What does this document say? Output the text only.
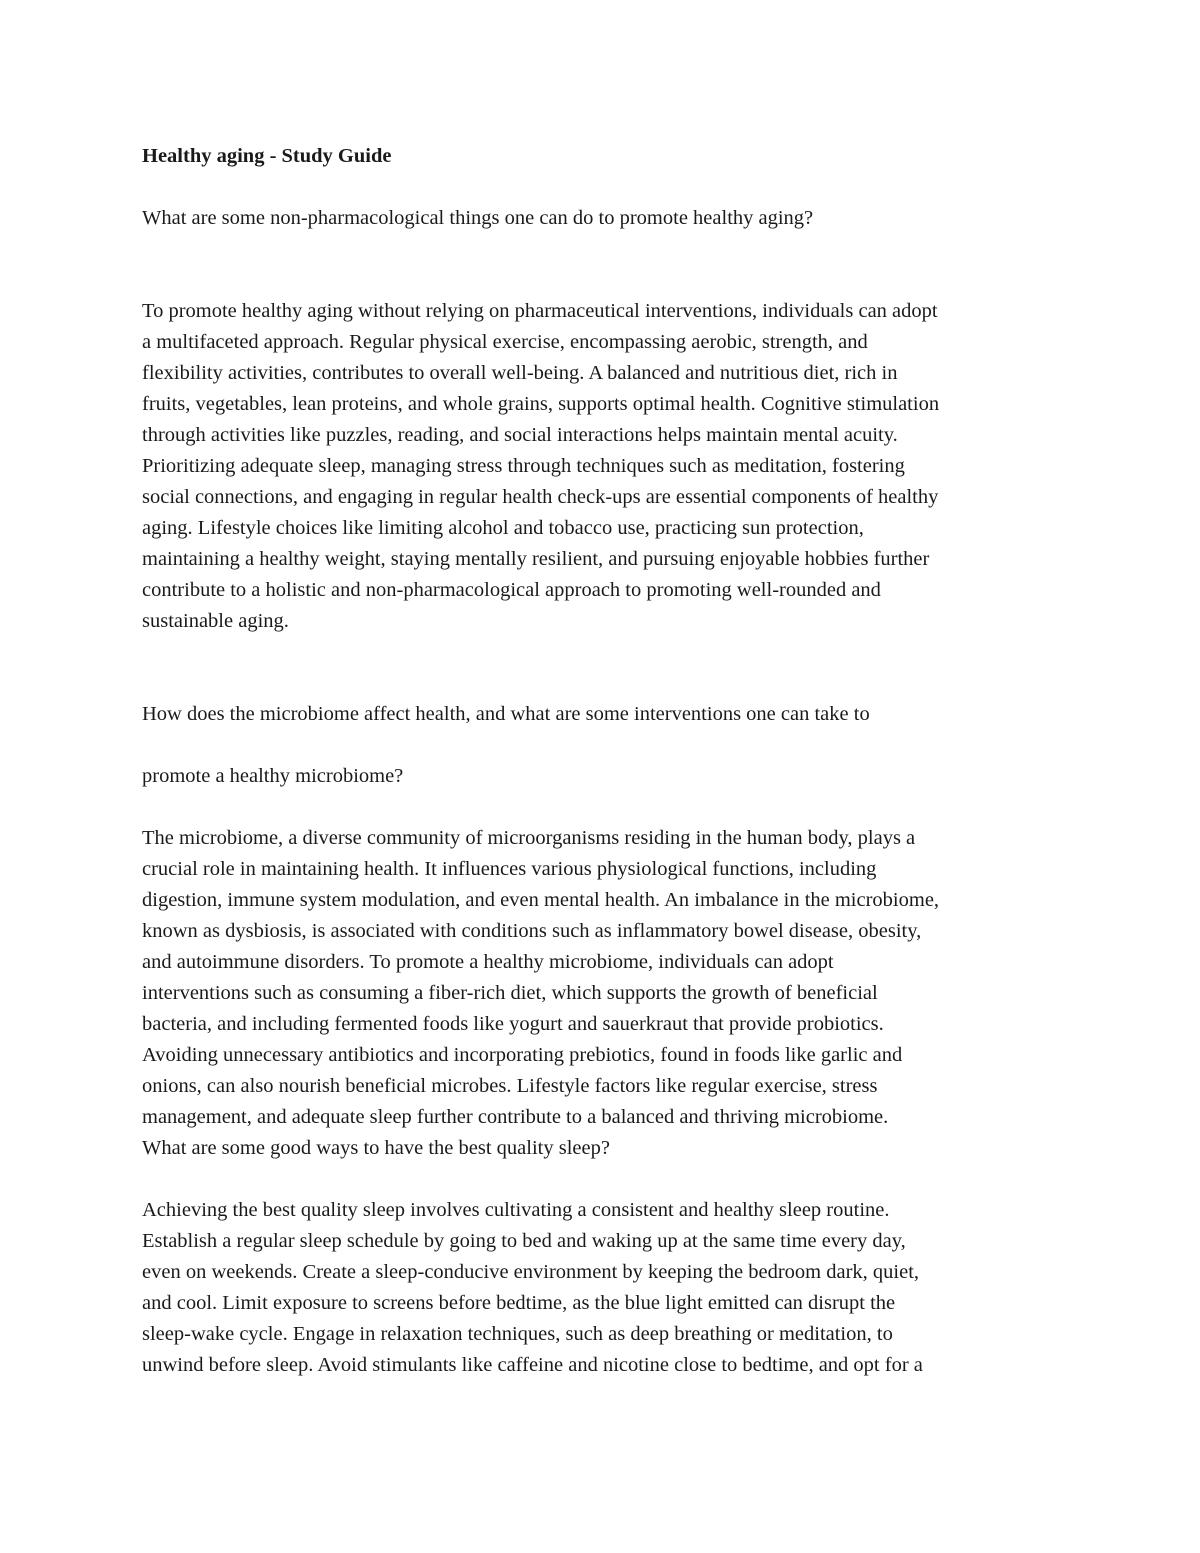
Healthy aging - Study Guide

What are some non-pharmacological things one can do to promote healthy aging?

To promote healthy aging without relying on pharmaceutical interventions, individuals can adopt
a multifaceted approach. Regular physical exercise, encompassing aerobic, strength, and
flexibility activities, contributes to overall well-being. A balanced and nutritious diet, rich in
fruits, vegetables, lean proteins, and whole grains, supports optimal health. Cognitive stimulation
through activities like puzzles, reading, and social interactions helps maintain mental acuity.
Prioritizing adequate sleep, managing stress through techniques such as meditation, fostering
social connections, and engaging in regular health check-ups are essential components of healthy
aging. Lifestyle choices like limiting alcohol and tobacco use, practicing sun protection,
maintaining a healthy weight, staying mentally resilient, and pursuing enjoyable hobbies further
contribute to a holistic and non-pharmacological approach to promoting well-rounded and
sustainable aging.

How does the microbiome affect health, and what are some interventions one can take to

promote a healthy microbiome?

The microbiome, a diverse community of microorganisms residing in the human body, plays a
crucial role in maintaining health. It influences various physiological functions, including
digestion, immune system modulation, and even mental health. An imbalance in the microbiome,
known as dysbiosis, is associated with conditions such as inflammatory bowel disease, obesity,
and autoimmune disorders. To promote a healthy microbiome, individuals can adopt
interventions such as consuming a fiber-rich diet, which supports the growth of beneficial
bacteria, and including fermented foods like yogurt and sauerkraut that provide probiotics.
Avoiding unnecessary antibiotics and incorporating prebiotics, found in foods like garlic and
onions, can also nourish beneficial microbes. Lifestyle factors like regular exercise, stress
management, and adequate sleep further contribute to a balanced and thriving microbiome.
What are some good ways to have the best quality sleep?

Achieving the best quality sleep involves cultivating a consistent and healthy sleep routine.
Establish a regular sleep schedule by going to bed and waking up at the same time every day,
even on weekends. Create a sleep-conducive environment by keeping the bedroom dark, quiet,
and cool. Limit exposure to screens before bedtime, as the blue light emitted can disrupt the
sleep-wake cycle. Engage in relaxation techniques, such as deep breathing or meditation, to
unwind before sleep. Avoid stimulants like caffeine and nicotine close to bedtime, and opt for a
